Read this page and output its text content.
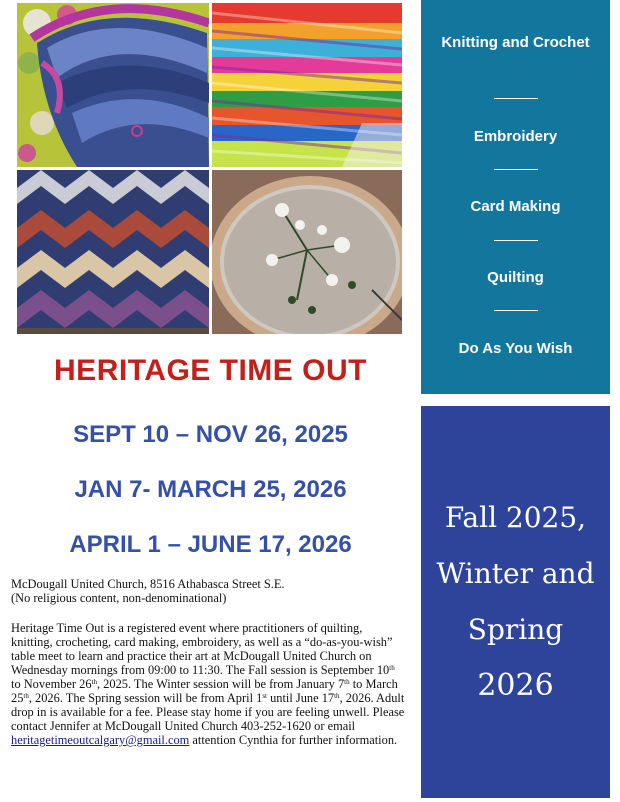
Knitting and Crochet
Embroidery
Card Making
Quilting
Do As You Wish
Fall 2025,
Winter and
Spring
2026
HERITAGE TIME OUT
SEPT 10 – NOV 26, 2025
JAN 7- MARCH 25, 2026
APRIL 1 – JUNE 17, 2026
McDougall United Church, 8516 Athabasca Street S.E.
(No religious content, non-denominational)
Heritage Time Out is a registered event where practitioners of quilting, knitting, crocheting, card making, embroidery, as well as a “do-as-you-wish” table meet to learn and practice their art at McDougall United Church on Wednesday mornings from 09:00 to 11:30. The Fall session is September 10th to November 26th, 2025. The Winter session will be from January 7th to March 25th, 2026. The Spring session will be from April 1st until June 17th, 2026. Adult drop in is available for a fee. Please stay home if you are feeling unwell. Please contact Jennifer at McDougall United Church 403-252-1620 or email heritagetimeoutcalgary@gmail.com attention Cynthia for further information.
